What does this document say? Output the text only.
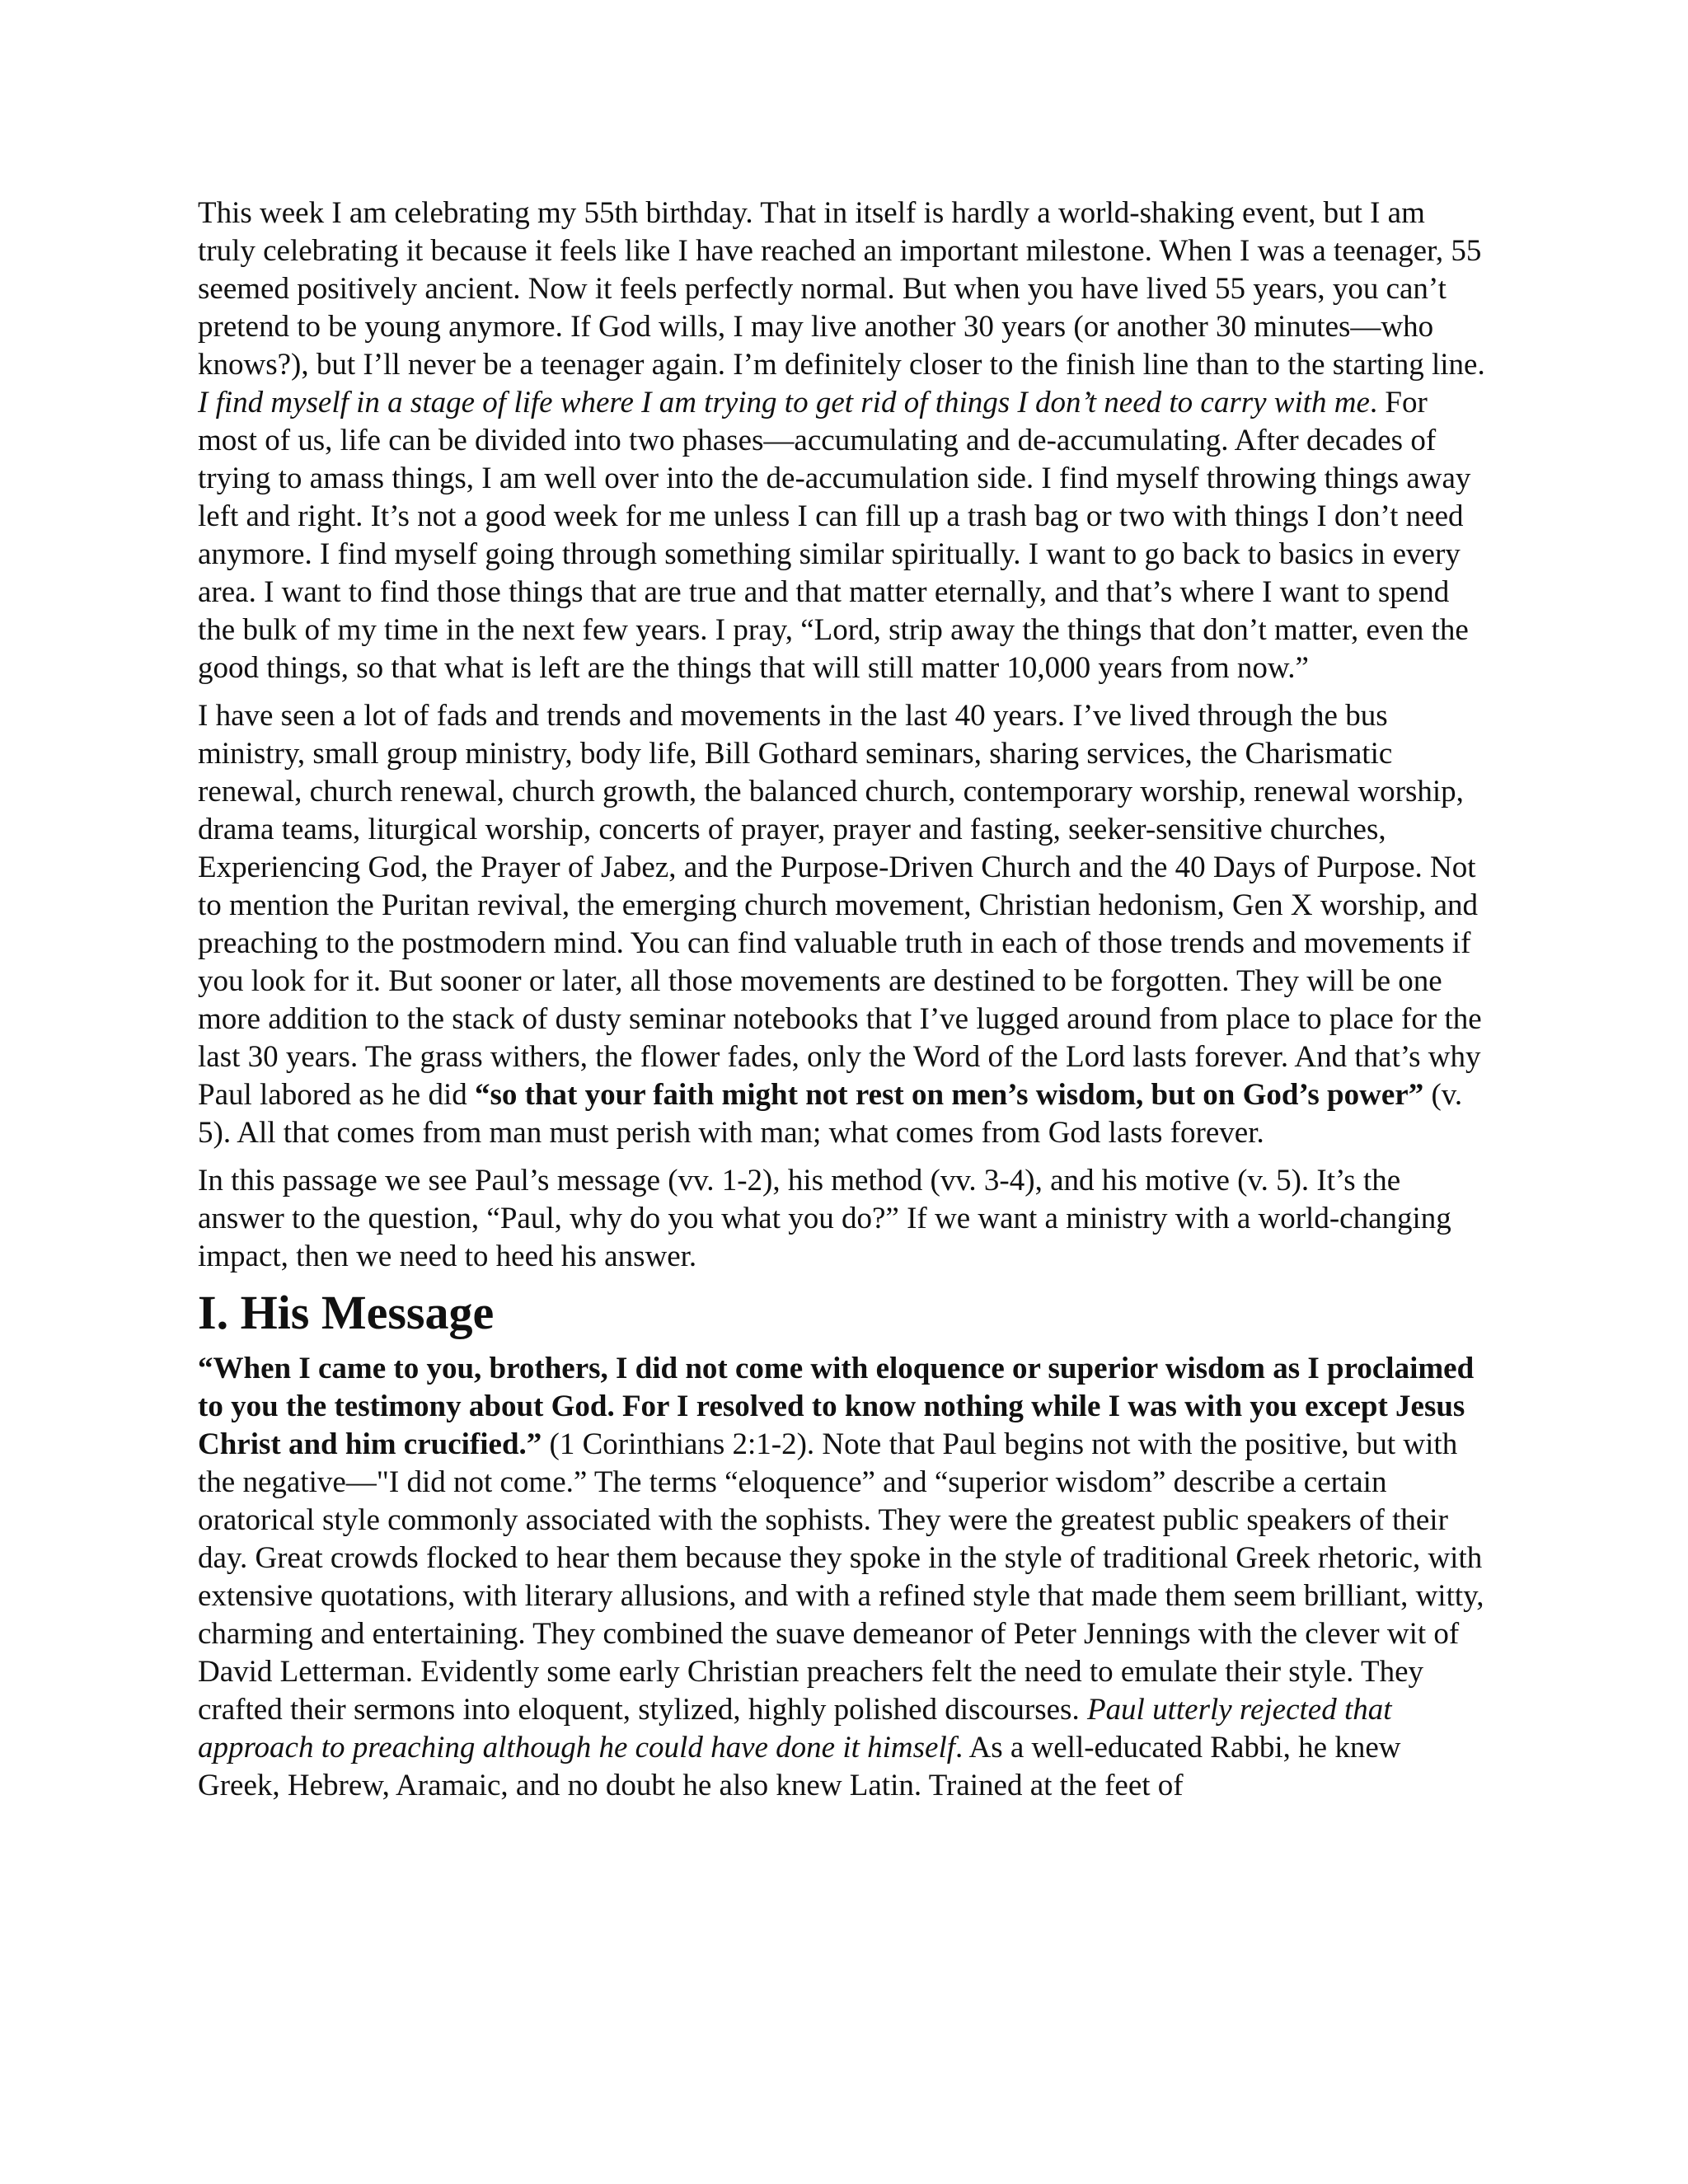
This week I am celebrating my 55th birthday. That in itself is hardly a world-shaking event, but I am truly celebrating it because it feels like I have reached an important milestone. When I was a teenager, 55 seemed positively ancient. Now it feels perfectly normal. But when you have lived 55 years, you can’t pretend to be young anymore. If God wills, I may live another 30 years (or another 30 minutes—who knows?), but I’ll never be a teenager again. I’m definitely closer to the finish line than to the starting line. I find myself in a stage of life where I am trying to get rid of things I don’t need to carry with me. For most of us, life can be divided into two phases—accumulating and de-accumulating. After decades of trying to amass things, I am well over into the de-accumulation side. I find myself throwing things away left and right. It’s not a good week for me unless I can fill up a trash bag or two with things I don’t need anymore. I find myself going through something similar spiritually. I want to go back to basics in every area. I want to find those things that are true and that matter eternally, and that’s where I want to spend the bulk of my time in the next few years. I pray, “Lord, strip away the things that don’t matter, even the good things, so that what is left are the things that will still matter 10,000 years from now.”

I have seen a lot of fads and trends and movements in the last 40 years. I’ve lived through the bus ministry, small group ministry, body life, Bill Gothard seminars, sharing services, the Charismatic renewal, church renewal, church growth, the balanced church, contemporary worship, renewal worship, drama teams, liturgical worship, concerts of prayer, prayer and fasting, seeker-sensitive churches, Experiencing God, the Prayer of Jabez, and the Purpose-Driven Church and the 40 Days of Purpose. Not to mention the Puritan revival, the emerging church movement, Christian hedonism, Gen X worship, and preaching to the postmodern mind. You can find valuable truth in each of those trends and movements if you look for it. But sooner or later, all those movements are destined to be forgotten. They will be one more addition to the stack of dusty seminar notebooks that I’ve lugged around from place to place for the last 30 years. The grass withers, the flower fades, only the Word of the Lord lasts forever. And that’s why Paul labored as he did “so that your faith might not rest on men’s wisdom, but on God’s power” (v. 5). All that comes from man must perish with man; what comes from God lasts forever.

In this passage we see Paul’s message (vv. 1-2), his method (vv. 3-4), and his motive (v. 5). It’s the answer to the question, “Paul, why do you what you do?” If we want a ministry with a world-changing impact, then we need to heed his answer.

I. His Message

“When I came to you, brothers, I did not come with eloquence or superior wisdom as I proclaimed to you the testimony about God. For I resolved to know nothing while I was with you except Jesus Christ and him crucified.” (1 Corinthians 2:1-2). Note that Paul begins not with the positive, but with the negative—"I did not come.” The terms “eloquence” and “superior wisdom” describe a certain oratorical style commonly associated with the sophists. They were the greatest public speakers of their day. Great crowds flocked to hear them because they spoke in the style of traditional Greek rhetoric, with extensive quotations, with literary allusions, and with a refined style that made them seem brilliant, witty, charming and entertaining. They combined the suave demeanor of Peter Jennings with the clever wit of David Letterman. Evidently some early Christian preachers felt the need to emulate their style. They crafted their sermons into eloquent, stylized, highly polished discourses. Paul utterly rejected that approach to preaching although he could have done it himself. As a well-educated Rabbi, he knew Greek, Hebrew, Aramaic, and no doubt he also knew Latin. Trained at the feet of
